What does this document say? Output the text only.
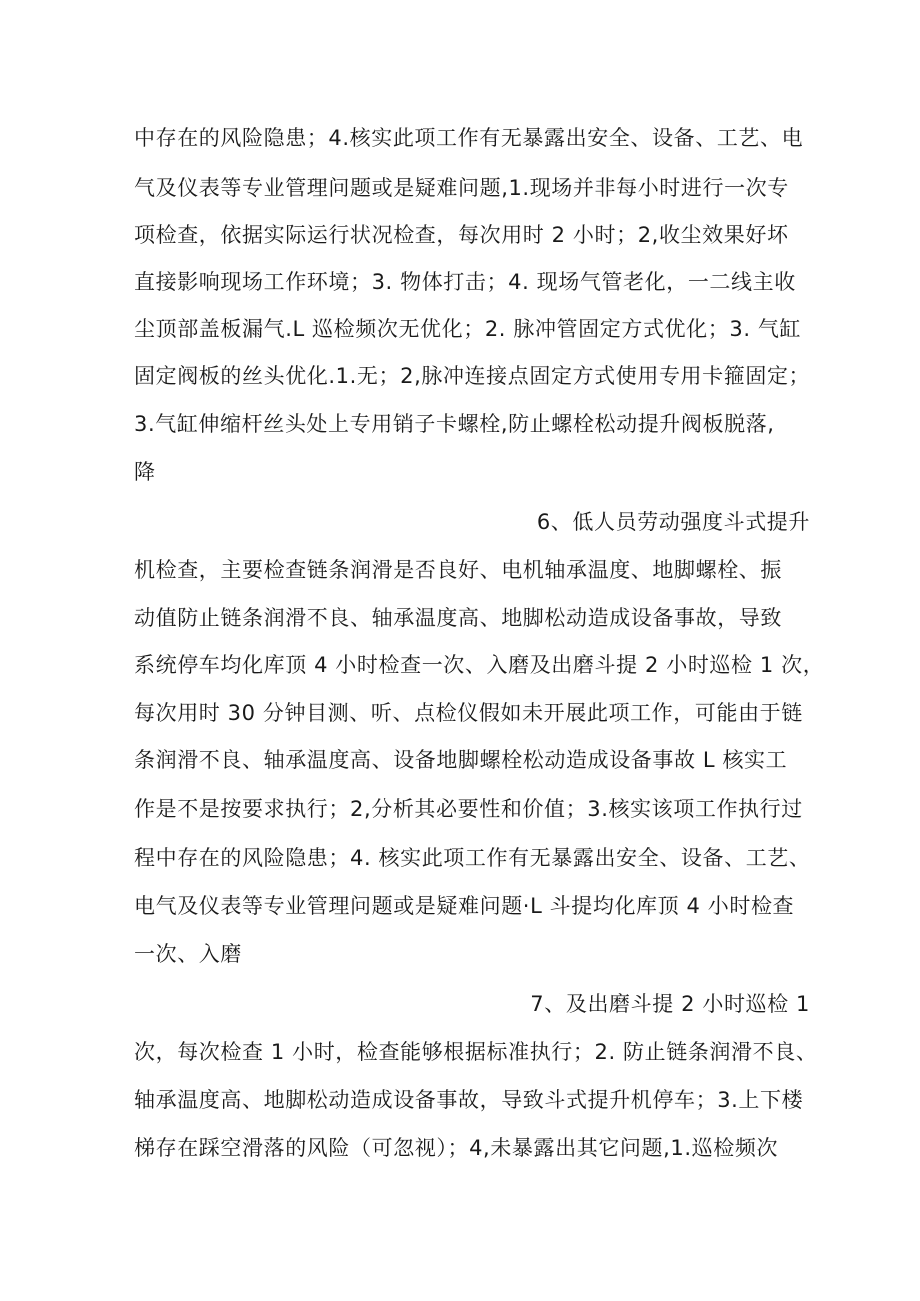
中存在的风险隐患；4.核实此项工作有无暴露出安全、设备、工艺、电
气及仪表等专业管理问题或是疑难问题,1.现场并非每小时进行一次专
项检查，依据实际运行状况检查，每次用时 2 小时；2,收尘效果好坏
直接影响现场工作环境；3. 物体打击；4. 现场气管老化，一二线主收
尘顶部盖板漏气.L 巡检频次无优化；2. 脉冲管固定方式优化；3. 气缸
固定阀板的丝头优化.1.无；2,脉冲连接点固定方式使用专用卡箍固定；
3.气缸伸缩杆丝头处上专用销子卡螺栓,防止螺栓松动提升阀板脱落,
降
6、低人员劳动强度斗式提升
机检查，主要检查链条润滑是否良好、电机轴承温度、地脚螺栓、振
动值防止链条润滑不良、轴承温度高、地脚松动造成设备事故，导致
系统停车均化库顶 4 小时检查一次、入磨及出磨斗提 2 小时巡检 1 次，
每次用时 30 分钟目测、听、点检仪假如未开展此项工作，可能由于链
条润滑不良、轴承温度高、设备地脚螺栓松动造成设备事故 L 核实工
作是不是按要求执行；2,分析其必要性和价值；3.核实该项工作执行过
程中存在的风险隐患；4. 核实此项工作有无暴露出安全、设备、工艺、
电气及仪表等专业管理问题或是疑难问题·L 斗提均化库顶 4 小时检查
一次、入磨
7、及出磨斗提 2 小时巡检 1
次，每次检查 1 小时，检查能够根据标准执行；2. 防止链条润滑不良、
轴承温度高、地脚松动造成设备事故，导致斗式提升机停车；3.上下楼
梯存在踩空滑落的风险（可忽视）；4,未暴露出其它问题,1.巡检频次
